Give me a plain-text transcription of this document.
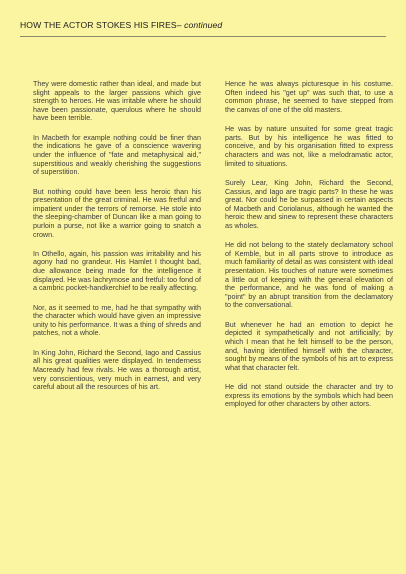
HOW THE ACTOR STOKES HIS FIRES– continued

They were domestic rather than ideal, and made but slight appeals to the larger passions which give strength to heroes. He was irritable where he should have been passionate, querulous where he should have been terrible.

In Macbeth for example nothing could be finer than the indications he gave of a conscience wavering under the influence of "fate and metaphysical aid," superstitious and weakly cherishing the suggestions of superstition.

But nothing could have been less heroic than his presentation of the great criminal. He was fretful and impatient under the terrors of remorse. He stole into the sleeping-chamber of Duncan like a man going to purloin a purse, not like a warrior going to snatch a crown.

In Othello, again, his passion was irritability and his agony had no grandeur. His Hamlet I thought bad, due allowance being made for the intelligence it displayed. He was lachrymose and fretful: too fond of a cambric pocket-handkerchief to be really affecting.

Nor, as it seemed to me, had he that sympathy with the character which would have given an impressive unity to his performance. It was a thing of shreds and patches, not a whole.

In King John, Richard the Second, Iago and Cassius all his great qualities were displayed. In tenderness Macready had few rivals. He was a thorough artist, very conscientious, very much in earnest, and very careful about all the resources of his art.

Hence he was always picturesque in his costume. Often indeed his "get up" was such that, to use a common phrase, he seemed to have stepped from the canvas of one of the old masters.

He was by nature unsuited for some great tragic parts. But by his intelligence he was fitted to conceive, and by his organisation fitted to express characters and was not, like a melodramatic actor, limited to situations.

Surely Lear, King John, Richard the Second, Cassius, and Iago are tragic parts? In these he was great. Nor could he be surpassed in certain aspects of Macbeth and Coriolanus, although he wanted the heroic thew and sinew to represent these characters as wholes.

He did not belong to the stately declamatory school of Kemble, but in all parts strove to introduce as much familiarity of detail as was consistent with ideal presentation. His touches of nature were sometimes a little out of keeping with the general elevation of the performance, and he was fond of making a "point" by an abrupt transition from the declamatory to the conversational.

But whenever he had an emotion to depict he depicted it sympathetically and not artificially; by which I mean that he felt himself to be the person, and, having identified himself with the character, sought by means of the symbols of his art to express what that character felt.

He did not stand outside the character and try to express its emotions by the symbols which had been employed for other characters by other actors.
